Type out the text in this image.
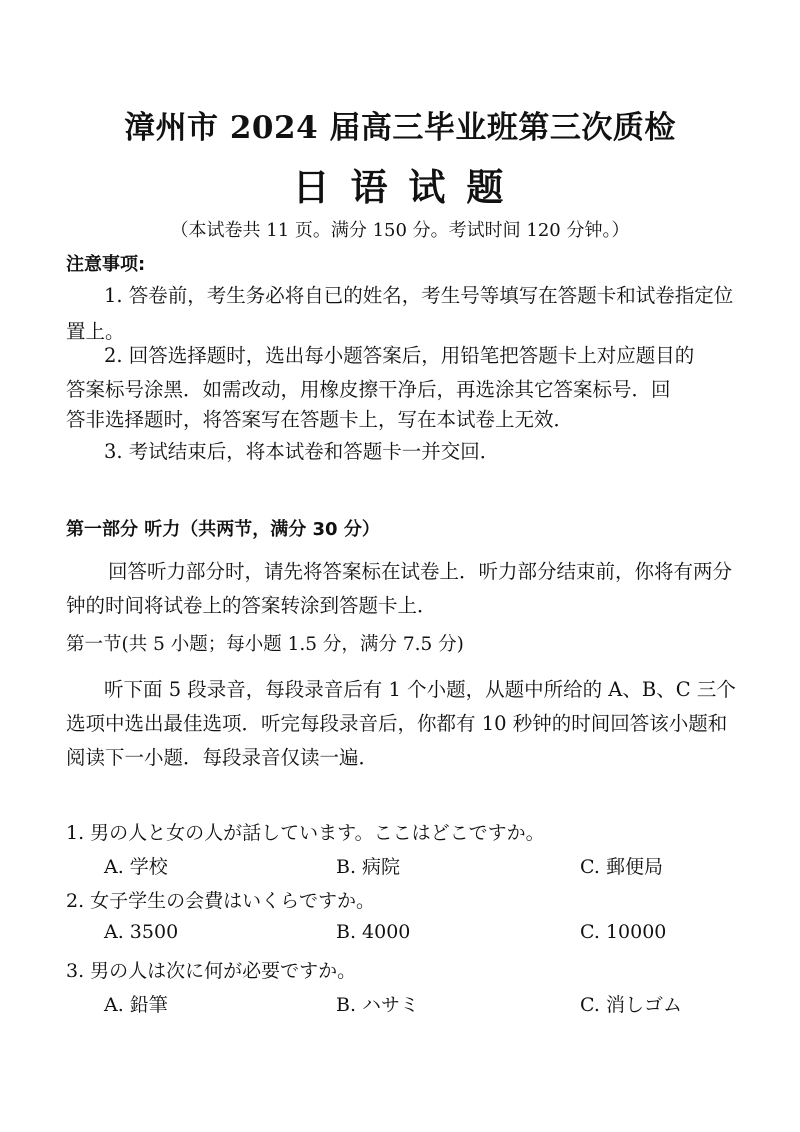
漳州市 2024 届高三毕业班第三次质检
日 语 试 题
（本试卷共 11 页。满分 150 分。考试时间 120 分钟。）
注意事项:
1. 答卷前，考生务必将自已的姓名，考生号等填写在答题卡和试卷指定位
置上。
2. 回答选择题时，选出每小题答案后，用铅笔把答题卡上对应题目的
答案标号涂黑．如需改动，用橡皮擦干净后，再选涂其它答案标号．回
答非选择题时，将答案写在答题卡上，写在本试卷上无效．
3. 考试结束后，将本试卷和答题卡一并交回．
第一部分 听力（共两节，满分 30 分）
回答听力部分时，请先将答案标在试卷上．听力部分结束前，你将有两分
钟的时间将试卷上的答案转涂到答题卡上．
第一节(共 5 小题；每小题 1.5 分，满分 7.5 分)
听下面 5 段录音，每段录音后有 1 个小题，从题中所给的 A、B、C 三个
选项中选出最佳选项．听完每段录音后，你都有 10 秒钟的时间回答该小题和
阅读下一小题．每段录音仅读一遍．
1. 男の人と女の人が話しています。ここはどこですか。
A. 学校	B. 病院	C. 郵便局
2. 女子学生の会費はいくらですか。
A. 3500	B. 4000	C. 10000
3. 男の人は次に何が必要ですか。
A. 鉛筆	B. ハサミ	C. 消しゴム
